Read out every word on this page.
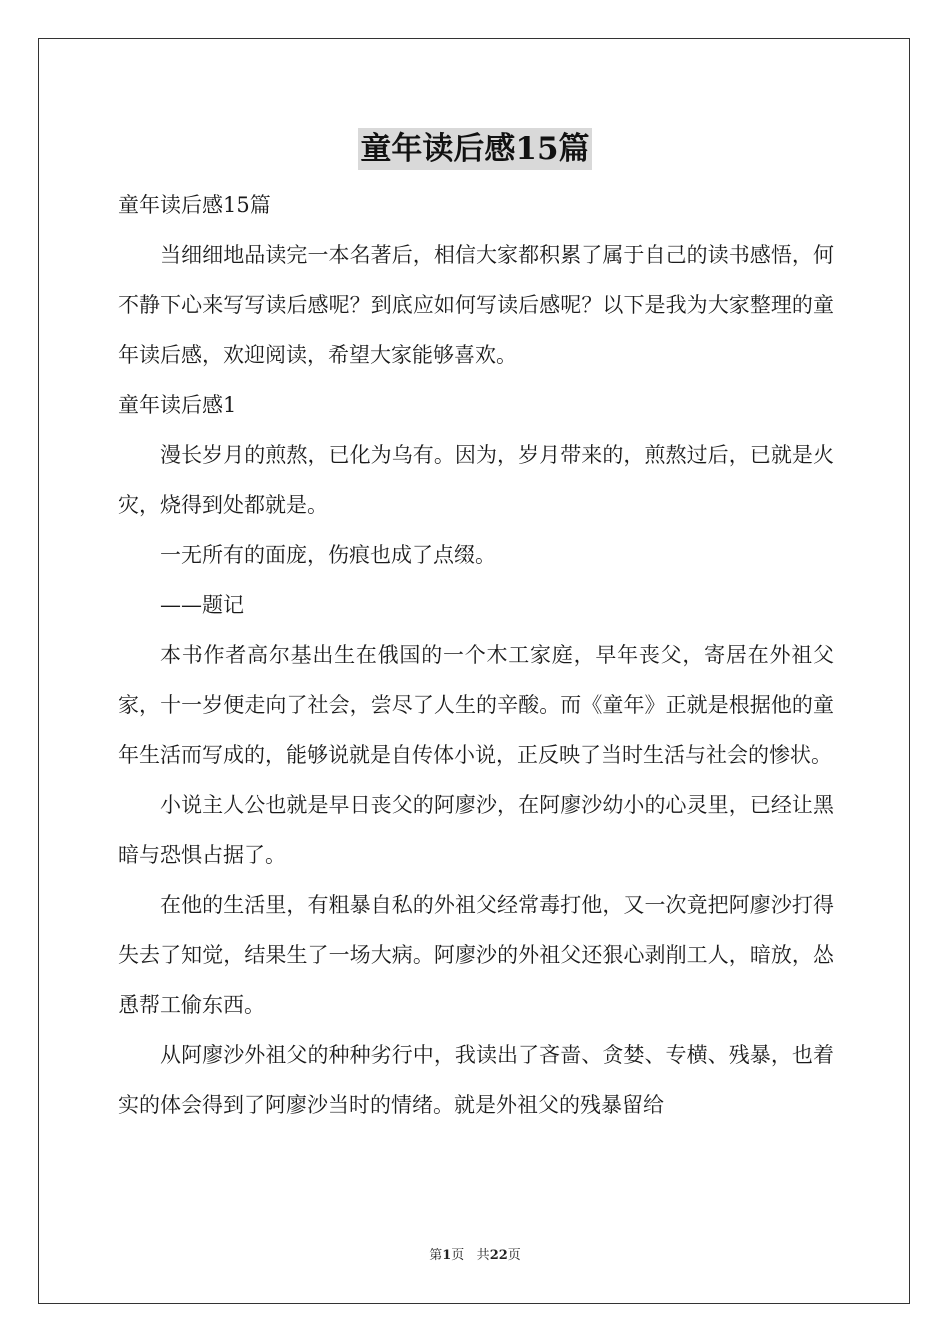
童年读后感15篇

童年读后感15篇

当细细地品读完一本名著后，相信大家都积累了属于自己的读书感悟，何不静下心来写写读后感呢？到底应如何写读后感呢？以下是我为大家整理的童年读后感，欢迎阅读，希望大家能够喜欢。

童年读后感1

漫长岁月的煎熬，已化为乌有。因为，岁月带来的，煎熬过后，已就是火灾，烧得到处都就是。

一无所有的面庞，伤痕也成了点缀。

——题记

本书作者高尔基出生在俄国的一个木工家庭，早年丧父，寄居在外祖父家，十一岁便走向了社会，尝尽了人生的辛酸。而《童年》正就是根据他的童年生活而写成的，能够说就是自传体小说，正反映了当时生活与社会的惨状。

小说主人公也就是早日丧父的阿廖沙，在阿廖沙幼小的心灵里，已经让黑暗与恐惧占据了。

在他的生活里，有粗暴自私的外祖父经常毒打他，又一次竟把阿廖沙打得失去了知觉，结果生了一场大病。阿廖沙的外祖父还狠心剥削工人，暗放，怂恿帮工偷东西。

从阿廖沙外祖父的种种劣行中，我读出了吝啬、贪婪、专横、残暴，也着实的体会得到了阿廖沙当时的情绪。就是外祖父的残暴留给

第1页 共22页
